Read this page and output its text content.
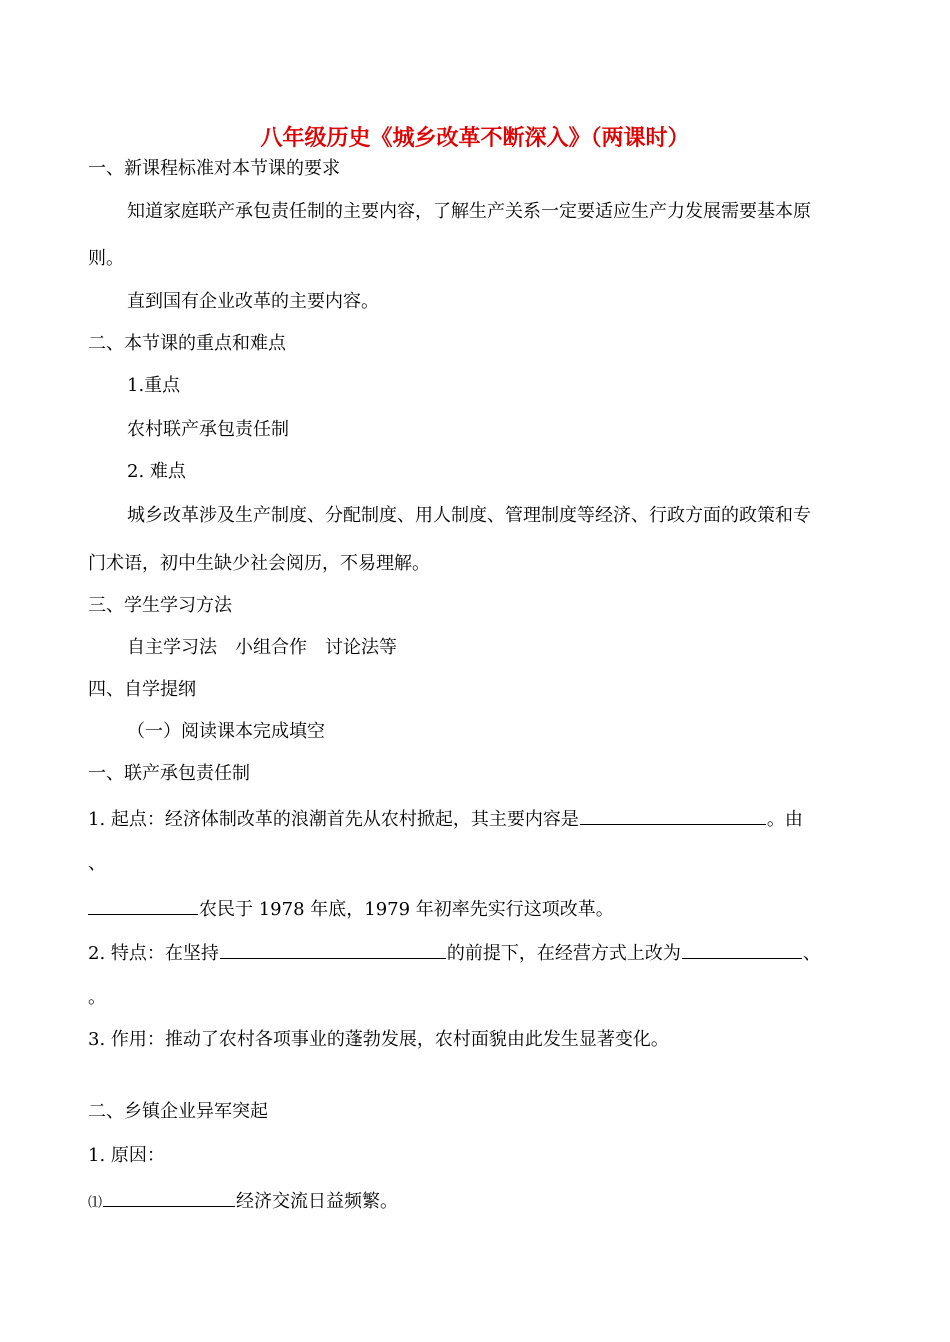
八年级历史《城乡改革不断深入》（两课时）
一、新课程标准对本节课的要求
知道家庭联产承包责任制的主要内容，了解生产关系一定要适应生产力发展需要基本原
则。
直到国有企业改革的主要内容。
二、本节课的重点和难点
1.重点
农村联产承包责任制
2. 难点
城乡改革涉及生产制度、分配制度、用人制度、管理制度等经济、行政方面的政策和专
门术语，初中生缺少社会阅历，不易理解。
三、学生学习方法
自主学习法　小组合作　讨论法等
四、自学提纲
（一）阅读课本完成填空
一、联产承包责任制
1. 起点：经济体制改革的浪潮首先从农村掀起，其主要内容是	。由
、
农民于 1978 年底，1979 年初率先实行这项改革。
2. 特点：在坚持	的前提下，在经营方式上改为	、
。
3. 作用：推动了农村各项事业的蓬勃发展，农村面貌由此发生显著变化。
二、乡镇企业异军突起
1. 原因：
⑴	经济交流日益频繁。
